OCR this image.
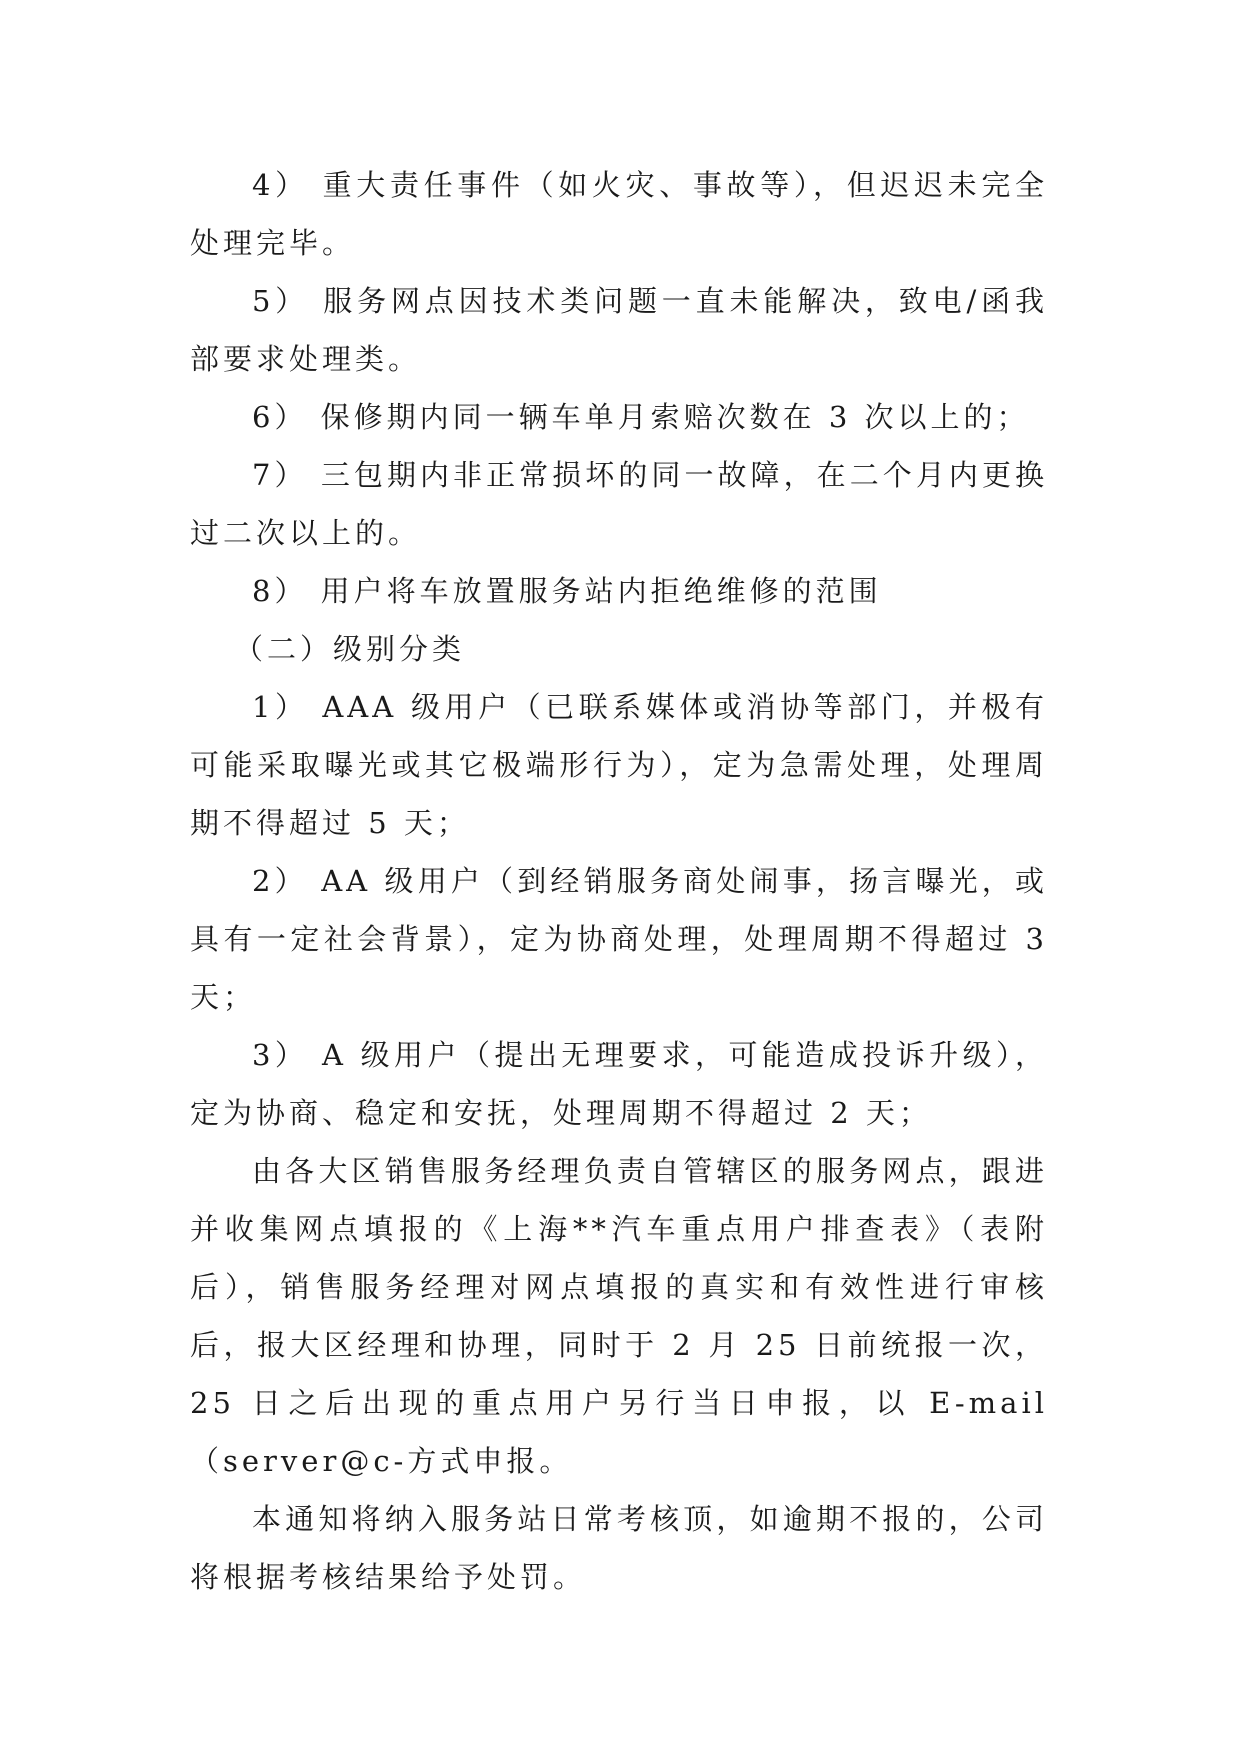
4） 重大责任事件（如火灾、事故等），但迟迟未完全处理完毕。

5） 服务网点因技术类问题一直未能解决，致电/函我部要求处理类。

6） 保修期内同一辆车单月索赔次数在 3 次以上的；

7） 三包期内非正常损坏的同一故障，在二个月内更换过二次以上的。

8） 用户将车放置服务站内拒绝维修的范围

（二）级别分类

1） AAA 级用户（已联系媒体或消协等部门，并极有可能采取曝光或其它极端形行为），定为急需处理，处理周期不得超过 5 天；

2） AA 级用户（到经销服务商处闹事，扬言曝光，或具有一定社会背景），定为协商处理，处理周期不得超过 3 天；

3） A 级用户（提出无理要求，可能造成投诉升级），定为协商、稳定和安抚，处理周期不得超过 2 天；

由各大区销售服务经理负责自管辖区的服务网点，跟进并收集网点填报的《上海**汽车重点用户排查表》（表附后），销售服务经理对网点填报的真实和有效性进行审核后，报大区经理和协理，同时于 2 月 25 日前统报一次，25 日之后出现的重点用户另行当日申报，以 E-mail（server@c-方式申报。

本通知将纳入服务站日常考核顶，如逾期不报的，公司将根据考核结果给予处罚。
